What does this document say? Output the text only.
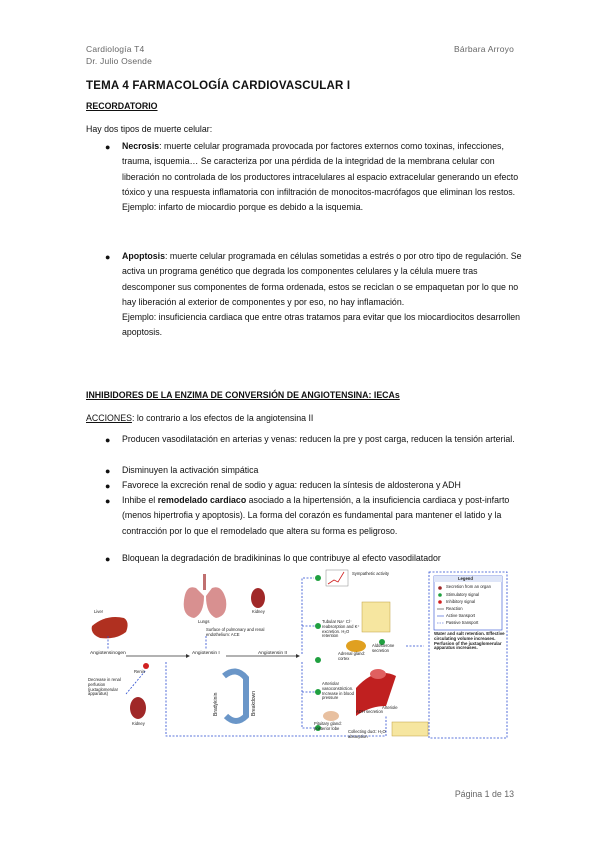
Cardiología T4
Dr. Julio Osende
Bárbara Arroyo
TEMA 4 FARMACOLOGÍA CARDIOVASCULAR I
RECORDATORIO
Hay dos tipos de muerte celular:
● Necrosis: muerte celular programada provocada por factores externos como toxinas, infecciones, trauma, isquemia… Se caracteriza por una pérdida de la integridad de la membrana celular con liberación no controlada de los productores intracelulares al espacio extracelular generando un efecto tóxico y una respuesta inflamatoria con infiltración de monocitos-macrófagos que eliminan los restos.
Ejemplo: infarto de miocardio porque es debido a la isquemia.
● Apoptosis: muerte celular programada en células sometidas a estrés o por otro tipo de regulación. Se activa un programa genético que degrada los componentes celulares y la célula muere tras descomponer sus componentes de forma ordenada, estos se reciclan o se empaquetan por lo que no hay liberación al exterior de componentes y por eso, no hay inflamación.
Ejemplo: insuficiencia cardiaca que entre otras tratamos para evitar que los miocardiocitos desarrollen apoptosis.
INHIBIDORES DE LA ENZIMA DE CONVERSIÓN DE ANGIOTENSINA: IECAs
ACCIONES: lo contrario a los efectos de la angiotensina II
● Producen vasodilatación en arterias y venas: reducen la pre y post carga, reducen la tensión arterial.
● Disminuyen la activación simpática
● Favorece la excreción renal de sodio y agua: reducen la síntesis de aldosterona y ADH
● Inhibe el remodelado cardiaco asociado a la hipertensión, a la insuficiencia cardiaca y post-infarto (menos hipertrofia y apoptosis). La forma del corazón es fundamental para mantener el latido y la contracción por lo que el remodelado que altera su forma es peligroso.
● Bloquean la degradación de bradikininas lo que contribuye al efecto vasodilatador
Liver
Lungs
Kidney
Surface of pulmonary and renal endothelium: ACE
Angiotensinogen	Angiotensin I	Angiotensin II
Renin
Decrease in renal perfusion (juxtaglomerular apparatus)
Kidney
Bradykinin	Breakdown
Sympathetic activity
Tubular Na⁺ Cl⁻ reabsorption and K⁺ excretion. H₂O retention
Adrenal gland: cortex
Aldosterone secretion
Arteriolar vasoconstriction. Increase in blood pressure
Arteriole
Pituitary gland: posterior lobe
ADH secretion
Collecting duct: H₂O absorption
Water and salt retention. Effective circulating volume increases. Perfusion of the juxtaglomerular apparatus increases.
Legend
Secretion from an organ
Stimulatory signal
Inhibitory signal
Reaction
Active transport
Passive transport
Página 1 de 13
